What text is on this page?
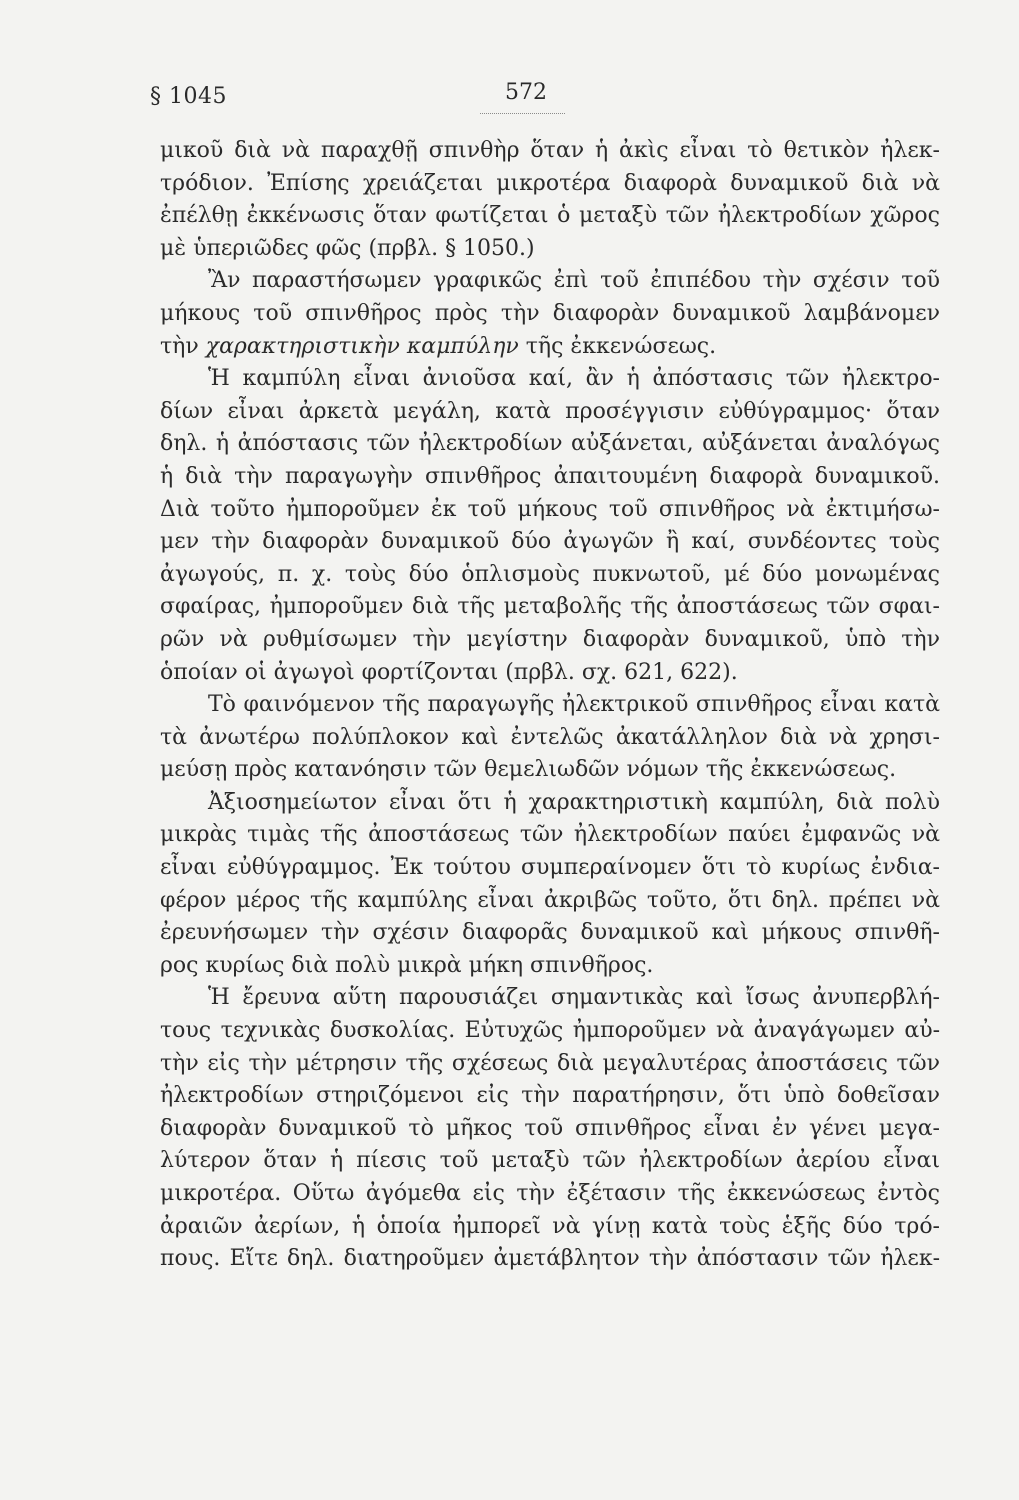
§ 1045	572
μικοῦ διὰ νὰ παραχθῇ σπινθὴρ ὅταν ἡ ἀκὶς εἶναι τὸ θετικὸν ἠλεκ-
τρόδιον. Ἐπίσης χρειάζεται μικροτέρα διαφορὰ δυναμικοῦ διὰ νὰ
ἐπέλθῃ ἐκκένωσις ὅταν φωτίζεται ὁ μεταξὺ τῶν ἠλεκτροδίων χῶρος
μὲ ὑπεριῶδες φῶς (πρβλ. § 1050.)
Ἂν παραστήσωμεν γραφικῶς ἐπὶ τοῦ ἐπιπέδου τὴν σχέσιν τοῦ
μήκους τοῦ σπινθῆρος πρὸς τὴν διαφορὰν δυναμικοῦ λαμβάνομεν
τὴν χαρακτηριστικὴν καμπύλην τῆς ἐκκενώσεως.
Ἡ καμπύλη εἶναι ἀνιοῦσα καί, ἂν ἡ ἀπόστασις τῶν ἠλεκτρο-
δίων εἶναι ἀρκετὰ μεγάλη, κατὰ προσέγγισιν εὐθύγραμμος· ὅταν
δηλ. ἡ ἀπόστασις τῶν ἠλεκτροδίων αὐξάνεται, αὐξάνεται ἀναλόγως
ἡ διὰ τὴν παραγωγὴν σπινθῆρος ἀπαιτουμένη διαφορὰ δυναμικοῦ.
Διὰ τοῦτο ἠμποροῦμεν ἐκ τοῦ μήκους τοῦ σπινθῆρος νὰ ἐκτιμήσω-
μεν τὴν διαφορὰν δυναμικοῦ δύο ἀγωγῶν ἢ καί, συνδέοντες τοὺς
ἀγωγούς, π. χ. τοὺς δύο ὁπλισμοὺς πυκνωτοῦ, μέ δύο μονωμένας
σφαίρας, ἠμποροῦμεν διὰ τῆς μεταβολῆς τῆς ἀποστάσεως τῶν σφαι-
ρῶν νὰ ρυθμίσωμεν τὴν μεγίστην διαφορὰν δυναμικοῦ, ὑπὸ τὴν
ὁποίαν οἱ ἀγωγοὶ φορτίζονται (πρβλ. σχ. 621, 622).
Τὸ φαινόμενον τῆς παραγωγῆς ἠλεκτρικοῦ σπινθῆρος εἶναι κατὰ
τὰ ἀνωτέρω πολύπλοκον καὶ ἐντελῶς ἀκατάλληλον διὰ νὰ χρησι-
μεύσῃ πρὸς κατανόησιν τῶν θεμελιωδῶν νόμων τῆς ἐκκενώσεως.
Ἀξιοσημείωτον εἶναι ὅτι ἡ χαρακτηριστικὴ καμπύλη, διὰ πολὺ
μικρὰς τιμὰς τῆς ἀποστάσεως τῶν ἠλεκτροδίων παύει ἐμφανῶς νὰ
εἶναι εὐθύγραμμος. Ἐκ τούτου συμπεραίνομεν ὅτι τὸ κυρίως ἐνδια-
φέρον μέρος τῆς καμπύλης εἶναι ἀκριβῶς τοῦτο, ὅτι δηλ. πρέπει νὰ
ἐρευνήσωμεν τὴν σχέσιν διαφορᾶς δυναμικοῦ καὶ μήκους σπινθῆ-
ρος κυρίως διὰ πολὺ μικρὰ μήκη σπινθῆρος.
Ἡ ἔρευνα αὕτη παρουσιάζει σημαντικὰς καὶ ἴσως ἀνυπερβλή-
τους τεχνικὰς δυσκολίας. Εὐτυχῶς ἠμποροῦμεν νὰ ἀναγάγωμεν αὐ-
τὴν εἰς τὴν μέτρησιν τῆς σχέσεως διὰ μεγαλυτέρας ἀποστάσεις τῶν
ἠλεκτροδίων στηριζόμενοι εἰς τὴν παρατήρησιν, ὅτι ὑπὸ δοθεῖσαν
διαφορὰν δυναμικοῦ τὸ μῆκος τοῦ σπινθῆρος εἶναι ἐν γένει μεγα-
λύτερον ὅταν ἡ πίεσις τοῦ μεταξὺ τῶν ἠλεκτροδίων ἀερίου εἶναι
μικροτέρα. Οὕτω ἀγόμεθα εἰς τὴν ἐξέτασιν τῆς ἐκκενώσεως ἐντὸς
ἀραιῶν ἀερίων, ἡ ὁποία ἠμπορεῖ νὰ γίνῃ κατὰ τοὺς ἑξῆς δύο τρό-
πους. Εἴτε δηλ. διατηροῦμεν ἀμετάβλητον τὴν ἀπόστασιν τῶν ἠλεκ-
